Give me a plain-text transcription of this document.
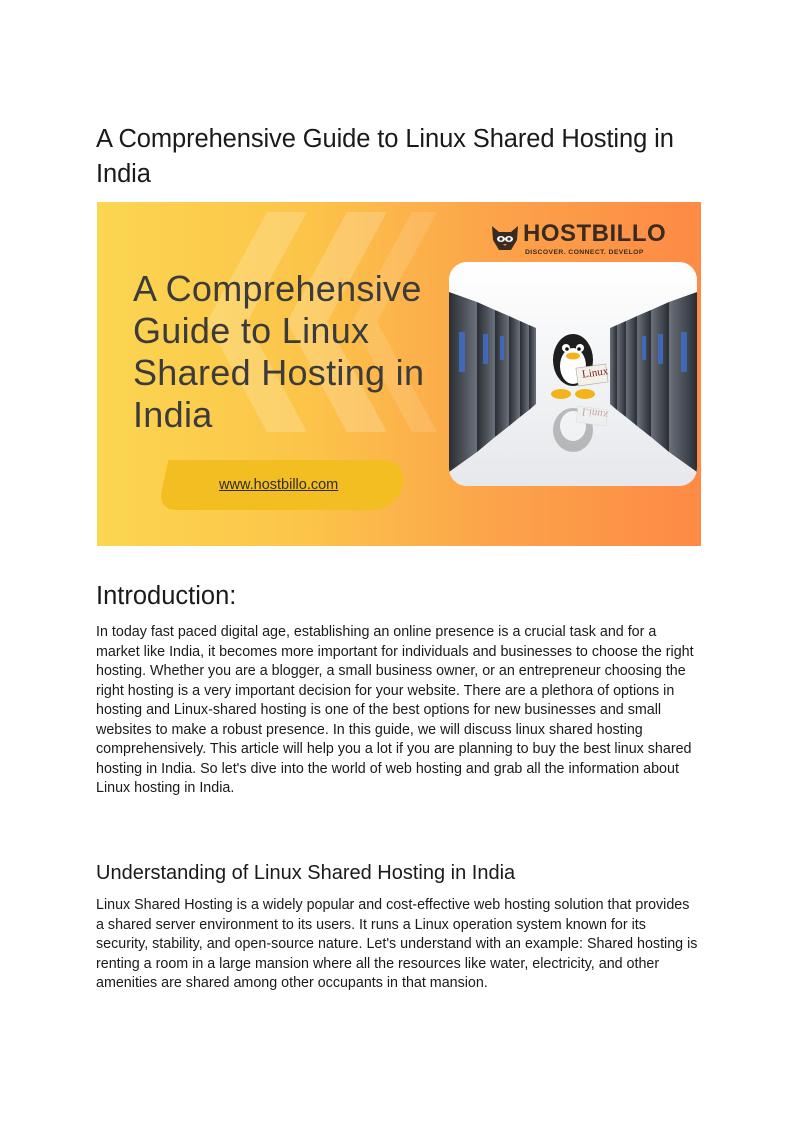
A Comprehensive Guide to Linux Shared Hosting in India
A Comprehensive Guide to Linux Shared Hosting in India
www.hostbillo.com
HOSTBILLO
DISCOVER. CONNECT. DEVELOP
Linux
Linux
Introduction:

In today fast paced digital age, establishing an online presence is a crucial task and for a market like India, it becomes more important for individuals and businesses to choose the right hosting. Whether you are a blogger, a small business owner, or an entrepreneur choosing the right hosting is a very important decision for your website. There are a plethora of options in hosting and Linux-shared hosting is one of the best options for new businesses and small websites to make a robust presence. In this guide, we will discuss linux shared hosting comprehensively. This article will help you a lot if you are planning to buy the best linux shared hosting in India. So let's dive into the world of web hosting and grab all the information about Linux hosting in India.

Understanding of Linux Shared Hosting in India

Linux Shared Hosting is a widely popular and cost-effective web hosting solution that provides a shared server environment to its users. It runs a Linux operation system known for its security, stability, and open-source nature. Let's understand with an example: Shared hosting is renting a room in a large mansion where all the resources like water, electricity, and other amenities are shared among other occupants in that mansion.
